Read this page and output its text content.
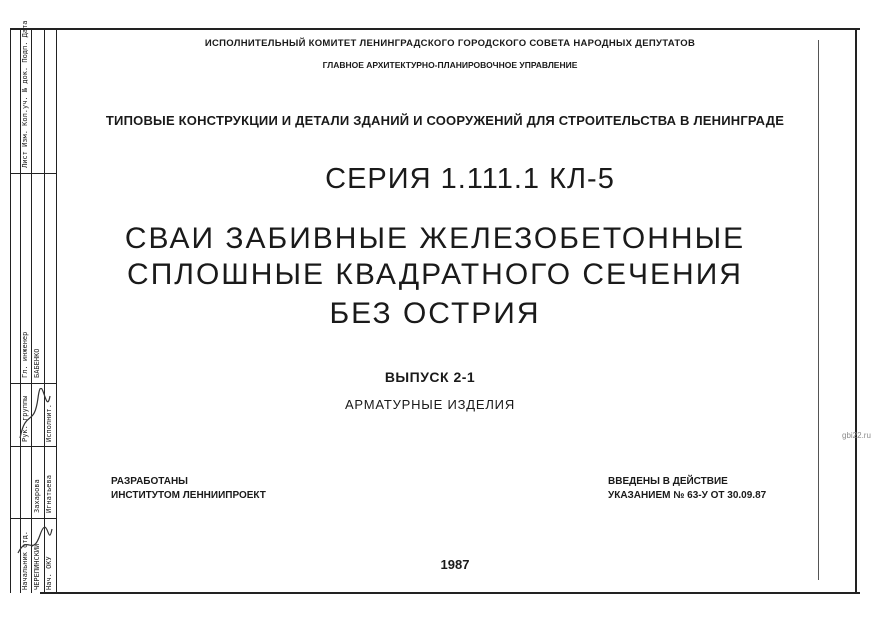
Лист Изм. Кол.уч. № док. Подп. Дата
Гл. инженер БАБЕНКО
Рук. группы
Захарова Игнатьева
Исполнит.
Начальник отд. ЧЕРЕПИНСКИЙ Нач. ОКУ
ИСПОЛНИТЕЛЬНЫЙ КОМИТЕТ ЛЕНИНГРАДСКОГО ГОРОДСКОГО СОВЕТА НАРОДНЫХ ДЕПУТАТОВ
ГЛАВНОЕ АРХИТЕКТУРНО-ПЛАНИРОВОЧНОЕ УПРАВЛЕНИЕ
ТИПОВЫЕ КОНСТРУКЦИИ И ДЕТАЛИ ЗДАНИЙ И СООРУЖЕНИЙ ДЛЯ СТРОИТЕЛЬСТВА В ЛЕНИНГРАДЕ
СЕРИЯ 1.111.1 КЛ-5
СВАИ ЗАБИВНЫЕ ЖЕЛЕЗОБЕТОННЫЕ
СПЛОШНЫЕ КВАДРАТНОГО СЕЧЕНИЯ
БЕЗ ОСТРИЯ
ВЫПУСК 2-1
АРМАТУРНЫЕ ИЗДЕЛИЯ
РАЗРАБОТАНЫ
ИНСТИТУТОМ ЛЕННИИПРОЕКТ
ВВЕДЕНЫ В ДЕЙСТВИЕ
УКАЗАНИЕМ № 63-У ОТ 30.09.87
1987
gbi22.ru
